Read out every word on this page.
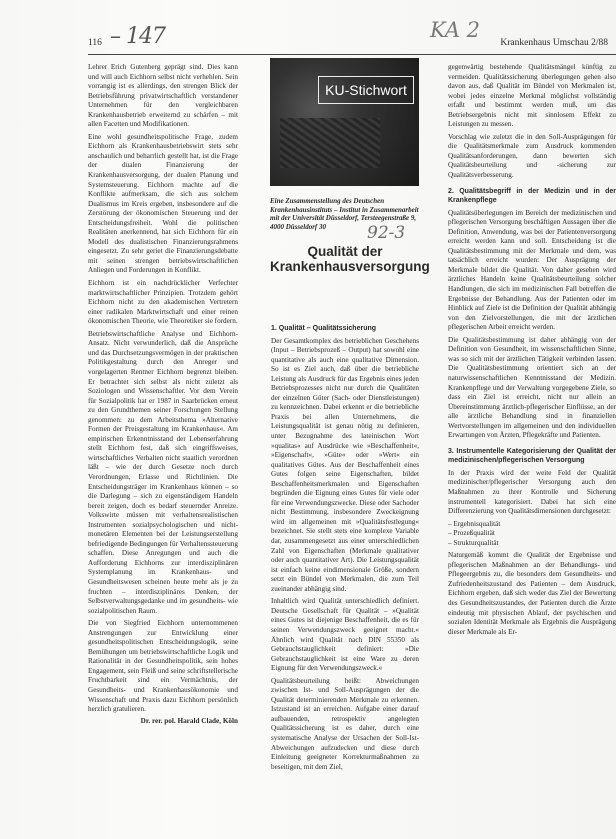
116 – 147	KA 2
Krankenhaus Umschau 2/88

Lehrer Erich Gutenberg geprägt sind. Dies kann und will auch Eichhorn selbst nicht verhehlen. Sein vorrangig ist es allerdings, den strengen Blick der Betriebsführung privatwirtschaftlich verstandener Unternehmen für den vergleichbaren Krankenhausbetrieb erweiternd zu schärfen – mit allen Facetten und Modifikationen.

Eine wohl gesundheitspolitische Frage, zudem Eichhorn als Krankenhausbetriebswirt stets sehr anschaulich und beharrlich gestellt hat, ist die Frage der dualen Finanzierung der Krankenhausversorgung, der dualen Planung und Systemsteuerung. Eichhorn machte auf die Konflikte aufmerksam, die sich aus solchem Dualismus im Kreis ergeben, insbesondere auf die Zerstörung der ökonomischen Steuerung und der Entscheidungsfreiheit. Wohl die politischen Realitäten anerkennend, hat sich Eichhorn für ein Modell des dualistischen Finanzierungsrahmens eingesetzt. Zu sehr geriet die Finanzierungsdebatte mit seinen strengen betriebswirtschaftlichen Anliegen und Forderungen in Konflikt.

Eichhorn ist ein nachdrücklicher Verfechter marktwirtschaftlicher Prinzipien. Trotzdem gehört Eichhorn nicht zu den akademischen Vertretern einer radikalen Marktwirtschaft und einer reinen ökonomischen Theorie, wie Theoretiker sie fordern.

Betriebswirtschaftliche Analyse und Eichhorn-Ansatz. Nicht verwunderlich, daß die Ansprüche und das Durchsetzungsvermögen in der praktischen Politikgestaltung durch den Anreger und vorgelagerten Rentner Eichhorn begrenzt bleiben. Er betrachtet sich selbst als nicht zuletzt als Soziologen und Wissenschaftler. Vor dem Verein für Sozialpolitik hat er 1987 in Saarbrücken erneut zu den Grundthemen seiner Forschungen Stellung genommen: zu dem Arbeitsthema »Alternative Formen der Preisgestaltung im Krankenhaus«. Am empirischen Erkenntnisstand der Lebenserfahrung stellt Eichhorn fest, daß sich eingriffsweises, wirtschaftliches Verhalten nicht staatlich verordnen läßt – wie der durch Gesetze noch durch Verordnungen, Erlasse und Richtlinien. Die Entscheidungsträger im Krankenhaus können – so die Darlegung – sich zu eigenständigem Handeln bereit zeigen, doch es bedarf steuernder Anreize. Volkswirte müssen mit verhaltensrealistischen Instrumenten sozialpsychologischen und nicht-monetären Elementen bei der Leistungserstellung befriedigende Bedingungen für Verhaltenssteuerung schaffen. Diese Anregungen und auch die Aufforderung Eichhorns zur interdisziplinären Systemplanung im Krankenhaus- und Gesundheitswesen scheinen heute mehr als je zu fruchten – interdisziplinäres Denken, der Selbstverwaltungsgedanke und im gesundheits- wie sozialpolitischen Raum.

Die von Siegfried Eichhorn unternommenen Anstrengungen zur Entwicklung einer gesundheitspolitischen Entscheidungslogik, seine Bemühungen um betriebswirtschaftliche Logik und Rationalität in der Gesundheitspolitik, sein hohes Engagement, sein Fleiß und seine schriftstellerische Fruchtbarkeit sind ein Vermächtnis, der Gesundheits- und Krankenhausökonomie und Wissenschaft und Praxis dazu Eichhorn persönlich herzlich gratulieren.

Dr. rer. pol. Harald Clade, Köln
KU-Stichwort
Eine Zusammenstellung des Deutschen Krankenhausinstituts – Institut in Zusammenarbeit mit der Universität Düsseldorf, Tersteegenstraße 9, 4000 Düsseldorf 30	92-3
Qualität der Krankenhausversorgung
1. Qualität – Qualitätssicherung

Der Gesamtkomplex des betrieblichen Geschehens (Input – Betriebsprozeß – Output) hat sowohl eine quantitative als auch eine qualitative Dimension. So ist es Ziel auch, daß über die betriebliche Leistung als Ausdruck für das Ergebnis eines jeden Betriebsprozesses nicht nur durch die Qualitäten der einzelnen Güter (Sach- oder Dienstleistungen) zu kennzeichnen. Dabei erkennt er die betriebliche Praxis bei allen Unternehmens, die Leistungsqualität ist genau nötig zu definieren, unter Bezugnahme des lateinischen Wort »qualitas« auf Ausdrücke wie »Beschaffenheit«, »Eigenschaft«, »Güte« oder »Wert« ein qualitatives Gütes. Aus der Beschaffenheit eines Gutes folgen seine Eigenschaften, bildet Beschaffenheitsmerkmalen und Eigenschaften begründen die Eignung eines Gutes für viele oder für eine Verwendungszwecke. Diese oder Sachoder nicht Bestimmung, insbesondere Zweckeignung wird im allgemeinen mit »Qualitätsfestlegung« bezeichnet. Sie stellt stets eine komplexe Variable dar, zusammengesetzt aus einer unterschiedlichen Zahl von Eigenschaften (Merkmale qualitativer oder auch quantitativer Art). Die Leistungsqualität ist einfach keine eindimensionale Größe, sondern setzt ein Bündel von Merkmalen, die zum Teil zueinander abhängig sind.

Inhaltlich wird Qualität unterschiedlich definiert. Deutsche Gesellschaft für Qualität – »Qualität eines Gutes ist diejenige Beschaffenheit, die es für seinen Verwendungszweck geeignet macht.« Ähnlich wird Qualität nach DIN 55350 als Gebrauchstauglichkeit definiert: »Die Gebrauchstauglichkeit ist eine Ware zu deren Eignung für den Verwendungszweck.«

Qualitätsbeurteilung heißt: Abweichungen zwischen Ist- und Soll-Ausprägungen der die Qualität determinierenden Merkmale zu erkennen. Istzustand ist an erreichen. Aufgabe einer darauf aufbauenden, retrospektiv angelegten Qualitätssicherung ist es daher, durch eine systematische Analyse der Ursachen der Soll-Ist-Abweichungen aufzudecken und diese durch Einleitung geeigneter Korrekturmaßnahmen zu beseitigen, mit dem Ziel,

gegenwärtig bestehende Qualitätsmängel künftig zu vermeiden. Qualitätssicherung überlegungen gehen also davon aus, daß Qualität im Bündel von Merkmalen ist, wobei jedes einzelne Merkmal möglichst vollständig erfaßt und bestimmt werden muß, um das Betriebsergebnis nicht mit sinnlosem Effekt zu Leistungen zu messen.

Vorschlag wie zuletzt die in den Soll-Ausprägungen für die Qualitätsmerkmale zum Ausdruck kommenden Qualitätsanforderungen, dann bewerten sich Qualitätsbeurteilung und -sicherung zur Qualitätsverbesserung.

2. Qualitätsbegriff in der Medizin und in der Krankenpflege

Qualitätsüberlegungen im Bereich der medizinischen und pflegerischen Versorgung beschäftigen Aussagen über die Definition, Anwendung, was bei der Patientenversorgung erreicht werden kann und soll. Entscheidung ist die Qualitätsbestimmung mit der Merkmale und dem, was tatsächlich erreicht wurden: Der Ausprägung der Merkmale bildet die Qualität. Von daher gesehen wird ärztliches Handeln keine Qualitätsbeurteilung solcher Handlungen, die sich im medizinischen Fall betreffen die Ergebnisse der Behandlung. Aus der Patienten oder im Hinblick auf Ziele ist die Definition der Qualität abhängig von den Zielvorstellungen, die mit der ärztlichen pflegerischen Arbeit erreicht werden.

Die Qualitätsbestimmung ist daher abhängig von der Definition von Gesundheit, im wissenschaftlichen Sinne, was so sich mit der ärztlichen Tätigkeit verbinden lassen. Die Qualitätsbestimmung orientiert sich an der naturwissenschaftlichen Kenntnisstand der Medizin. Krankenpflege und der Verwaltung vorgegebene Ziele, so dass ein Ziel ist erreicht, nicht nur allein an Übereinstimmung ärztlich-pflegerischer Einflüsse, an der alle ärztliche Behandlung sind in finanziellen Wertvorstellungen im allgemeinen und den individuellen Erwartungen von Ärzten, Pflegekräfte und Patienten.

3. Instrumentelle Kategorisierung der Qualität der medizinischen/pflegerischen Versorgung

In der Praxis wird der weite Feld der Qualität medizinischer/pflegerischer Versorgung auch den Maßnahmen zu ihrer Kontrolle und Sicherung instrumentell kategorisiert. Dabei hat sich eine Differenzierung von Qualitätsdimensionen durchgesetzt:

– Ergebnisqualität

– Prozeßqualität

– Strukturqualität

Naturgemäß kommt die Qualität der Ergebnisse und pflegerischen Maßnahmen an der Behandlungs- und Pflegeergebnis zu, die besonders dem Gesundheits- und Zufriedenheitszustand des Patienten – dem Ausdruck, Eichhorn ergeben, daß sich weder das Ziel der Bewertung des Gesundheitszustandes, der Patienten durch die Ärzte eindeutig mit physischen Ablauf, der psychischen und sozialen Identität Merkmale als Ergebnis die Ausprägung dieser Merkmale als Er-
